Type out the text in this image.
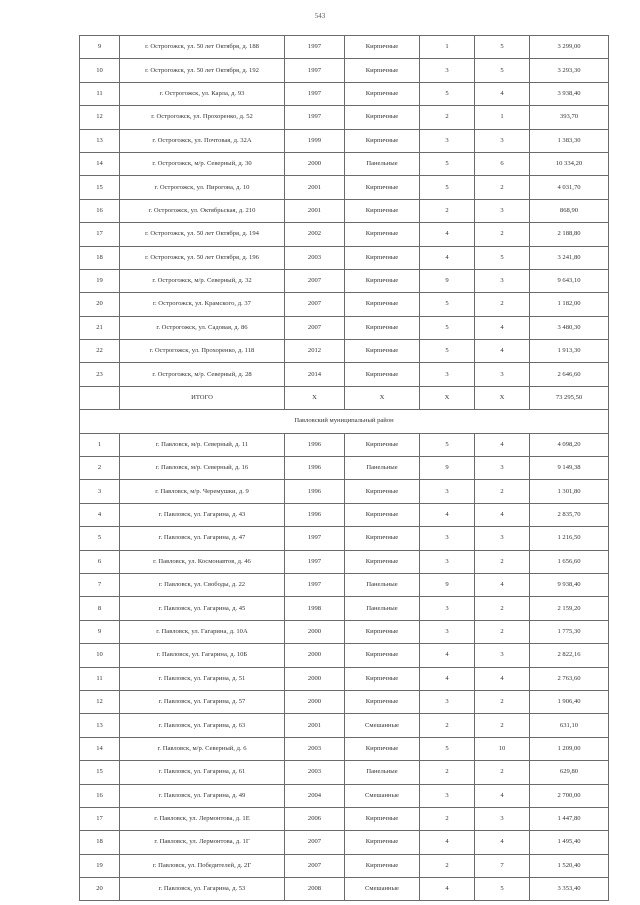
543
9	г. Острогожск, ул. 50 лет Октября, д. 188	1997	Кирпичные	1	5	3 299,00
10	г. Острогожск, ул. 50 лет Октября, д. 192	1997	Кирпичные	3	5	3 293,30
11	г. Острогожск, ул. Карла, д. 93	1997	Кирпичные	5	4	3 938,40
12	г. Острогожск, ул. Прохоренко, д. 52	1997	Кирпичные	2	1	393,70
13	г. Острогожск, ул. Почтовая, д. 32А	1999	Кирпичные	3	3	1 383,30
14	г. Острогожск, м/р. Северный, д. 30	2000	Панельные	5	6	10 334,20
15	г. Острогожск, ул. Пирогова, д. 10	2001	Кирпичные	5	2	4 031,70
16	г. Острогожск, ул. Октябрьская, д. 210	2001	Кирпичные	2	3	868,90
17	г. Острогожск, ул. 50 лет Октября, д. 194	2002	Кирпичные	4	2	2 188,80
18	г. Острогожск, ул. 50 лет Октября, д. 196	2003	Кирпичные	4	5	3 241,80
19	г. Острогожск, м/р. Северный, д. 32	2007	Кирпичные	9	3	9 643,10
20	г. Острогожск, ул. Крамского, д. 37	2007	Кирпичные	5	2	1 182,00
21	г. Острогожск, ул. Садовая, д. 86	2007	Кирпичные	5	4	3 480,30
22	г. Острогожск, ул. Прохоренко, д. 118	2012	Кирпичные	5	4	1 913,30
23	г. Острогожск, м/р. Северный, д. 28	2014	Кирпичные	3	3	2 646,60
	ИТОГО	X	X	X	X	73 295,50
Павловский муниципальный район						
1	г. Павловск, м/р. Северный, д. 11	1996	Кирпичные	5	4	4 098,20
2	г. Павловск, м/р. Северный, д. 16	1996	Панельные	9	3	9 149,38
3	г. Павловск, м/р. Черемушки, д. 9	1996	Кирпичные	3	2	1 301,80
4	г. Павловск, ул. Гагарина, д. 43	1996	Кирпичные	4	4	2 835,70
5	г. Павловск, ул. Гагарина, д. 47	1997	Кирпичные	3	3	1 216,50
6	г. Павловск, ул. Космонавтов, д. 46	1997	Кирпичные	3	2	1 656,60
7	г. Павловск, ул. Свободы, д. 22	1997	Панельные	9	4	9 938,40
8	г. Павловск, ул. Гагарина, д. 45	1998	Панельные	3	2	2 159,20
9	г. Павловск, ул. Гагарина, д. 10А	2000	Кирпичные	3	2	1 775,30
10	г. Павловск, ул. Гагарина, д. 10Б	2000	Кирпичные	4	3	2 822,16
11	г. Павловск, ул. Гагарина, д. 51	2000	Кирпичные	4	4	2 763,60
12	г. Павловск, ул. Гагарина, д. 57	2000	Кирпичные	3	2	1 906,40
13	г. Павловск, ул. Гагарина, д. 63	2001	Смешанные	2	2	631,10
14	г. Павловск, м/р. Северный, д. 6	2003	Кирпичные	5	10	1 209,00
15	г. Павловск, ул. Гагарина, д. 61	2003	Панельные	2	2	629,80
16	г. Павловск, ул. Гагарина, д. 49	2004	Смешанные	3	4	2 700,00
17	г. Павловск, ул. Лермонтова, д. 1Е	2006	Кирпичные	2	3	1 447,80
18	г. Павловск, ул. Лермонтова, д. 1Г	2007	Кирпичные	4	4	1 495,40
19	г. Павловск, ул. Победителей, д. 2Г	2007	Кирпичные	2	7	1 520,40
20	г. Павловск, ул. Гагарина, д. 53	2008	Смешанные	4	5	3 353,40
